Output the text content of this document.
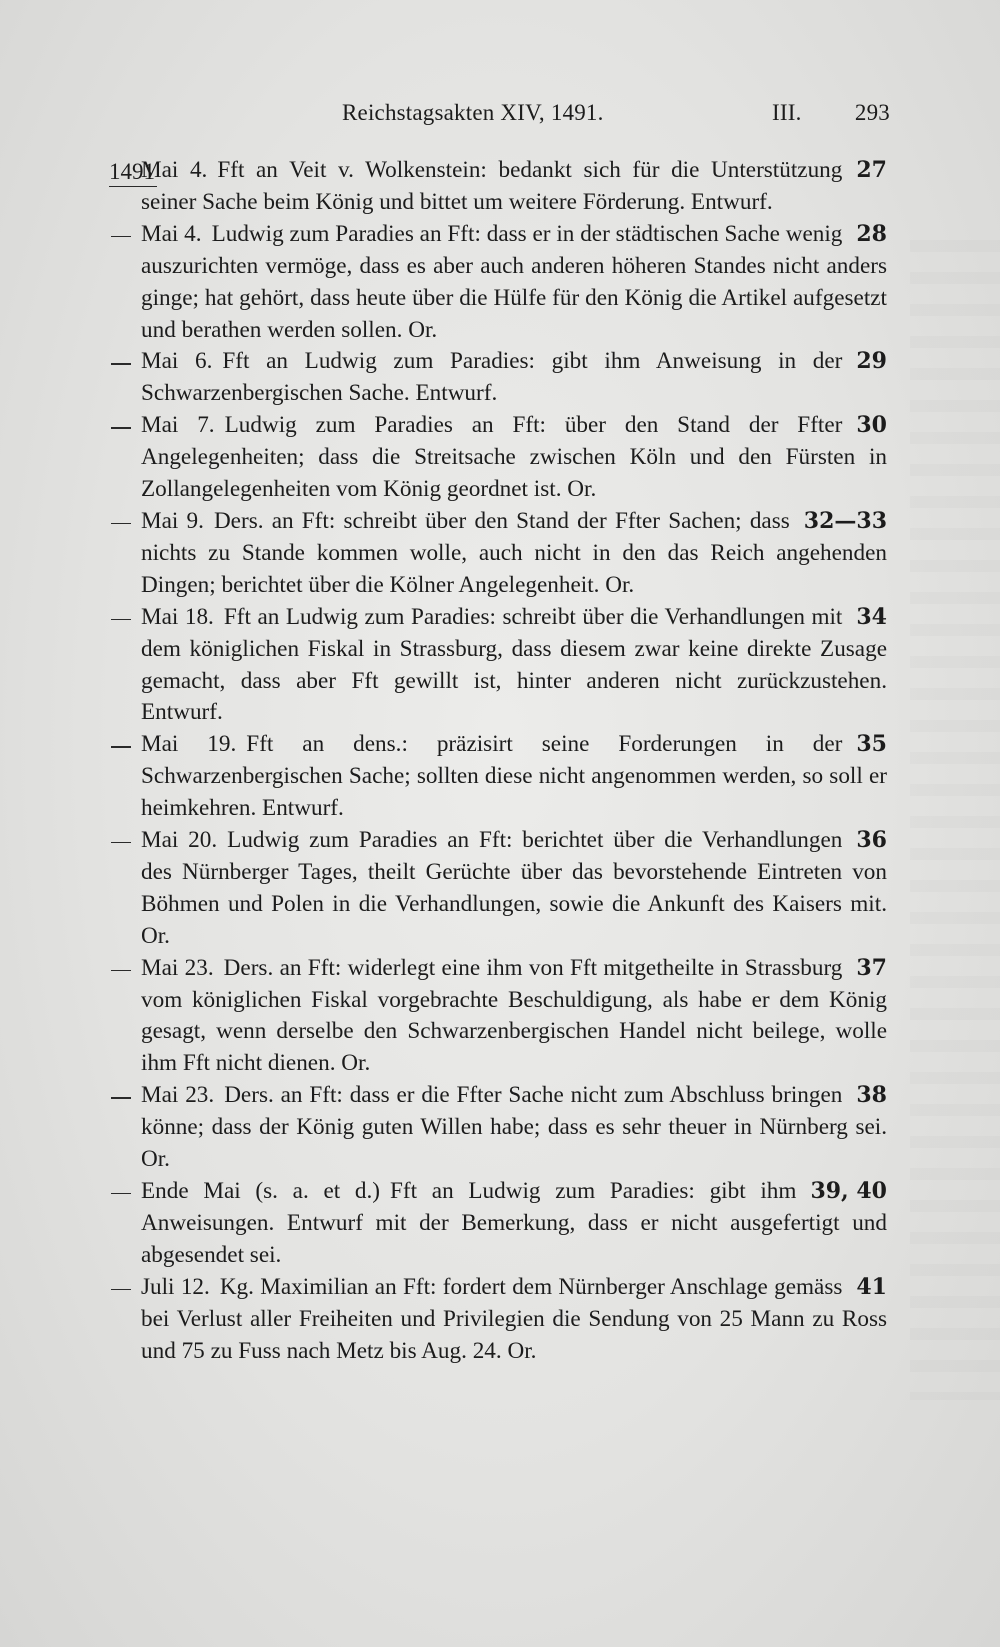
Reichstagsakten XIV, 1491.	III. 293
1491	27
Mai 4. Fft an Veit v. Wolkenstein: bedankt sich für die Unterstützung seiner Sache beim König und bittet um weitere Förderung. Entwurf.

28
Mai 4. Ludwig zum Paradies an Fft: dass er in der städtischen Sache wenig auszurichten vermöge, dass es aber auch anderen höheren Standes nicht anders ginge; hat gehört, dass heute über die Hülfe für den König die Artikel aufgesetzt und berathen werden sollen. Or.

29
Mai 6. Fft an Ludwig zum Paradies: gibt ihm Anweisung in der Schwarzenbergischen Sache. Entwurf.

30
Mai 7. Ludwig zum Paradies an Fft: über den Stand der Ffter Angelegenheiten; dass die Streitsache zwischen Köln und den Fürsten in Zollangelegenheiten vom König geordnet ist. Or.

32—33
Mai 9. Ders. an Fft: schreibt über den Stand der Ffter Sachen; dass nichts zu Stande kommen wolle, auch nicht in den das Reich angehenden Dingen; berichtet über die Kölner Angelegenheit. Or.

34
Mai 18. Fft an Ludwig zum Paradies: schreibt über die Verhandlungen mit dem königlichen Fiskal in Strassburg, dass diesem zwar keine direkte Zusage gemacht, dass aber Fft gewillt ist, hinter anderen nicht zurückzustehen. Entwurf.

35
Mai 19. Fft an dens.: präzisirt seine Forderungen in der Schwarzenbergischen Sache; sollten diese nicht angenommen werden, so soll er heimkehren. Entwurf.

36
Mai 20. Ludwig zum Paradies an Fft: berichtet über die Verhandlungen des Nürnberger Tages, theilt Gerüchte über das bevorstehende Eintreten von Böhmen und Polen in die Verhandlungen, sowie die Ankunft des Kaisers mit. Or.

37
Mai 23. Ders. an Fft: widerlegt eine ihm von Fft mitgetheilte in Strassburg vom königlichen Fiskal vorgebrachte Beschuldigung, als habe er dem König gesagt, wenn derselbe den Schwarzenbergischen Handel nicht beilege, wolle ihm Fft nicht dienen. Or.

38
Mai 23. Ders. an Fft: dass er die Ffter Sache nicht zum Abschluss bringen könne; dass der König guten Willen habe; dass es sehr theuer in Nürnberg sei. Or.

39, 40
Ende Mai (s. a. et d.) Fft an Ludwig zum Paradies: gibt ihm Anweisungen. Entwurf mit der Bemerkung, dass er nicht ausgefertigt und abgesendet sei.

41
Juli 12. Kg. Maximilian an Fft: fordert dem Nürnberger Anschlage gemäss bei Verlust aller Freiheiten und Privilegien die Sendung von 25 Mann zu Ross und 75 zu Fuss nach Metz bis Aug. 24. Or.
